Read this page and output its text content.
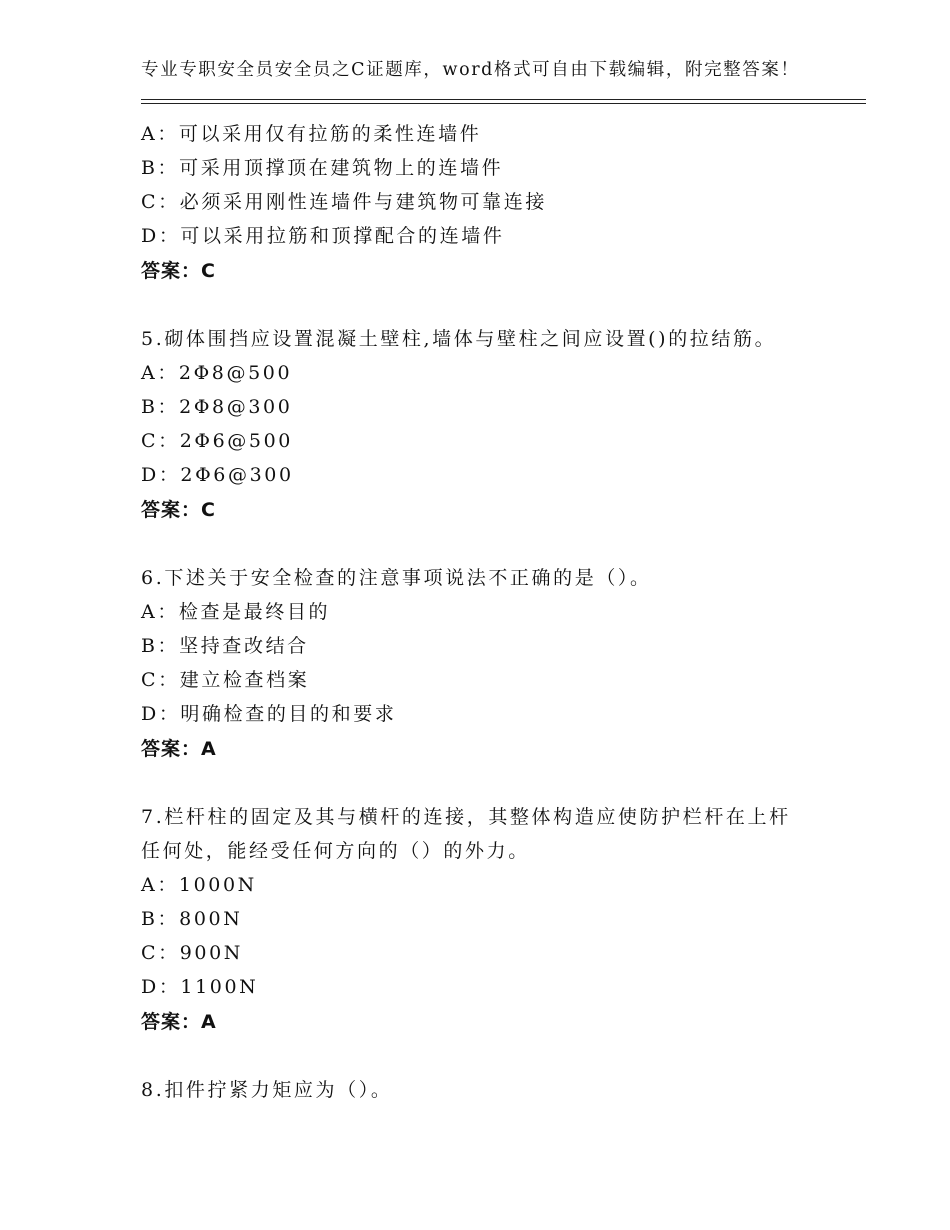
专业专职安全员安全员之C证题库，word格式可自由下载编辑，附完整答案！
A：可以采用仅有拉筋的柔性连墙件
B：可采用顶撑顶在建筑物上的连墙件
C：必须采用刚性连墙件与建筑物可靠连接
D：可以采用拉筋和顶撑配合的连墙件
答案：C
5.砌体围挡应设置混凝土壁柱,墙体与壁柱之间应设置()的拉结筋。
A：2Φ8@500
B：2Φ8@300
C：2Φ6@500
D：2Φ6@300
答案：C
6.下述关于安全检查的注意事项说法不正确的是（）。
A：检查是最终目的
B：坚持查改结合
C：建立检查档案
D：明确检查的目的和要求
答案：A
7.栏杆柱的固定及其与横杆的连接，其整体构造应使防护栏杆在上杆
任何处，能经受任何方向的（）的外力。
A：1000N
B：800N
C：900N
D：1100N
答案：A
8.扣件拧紧力矩应为（）。
